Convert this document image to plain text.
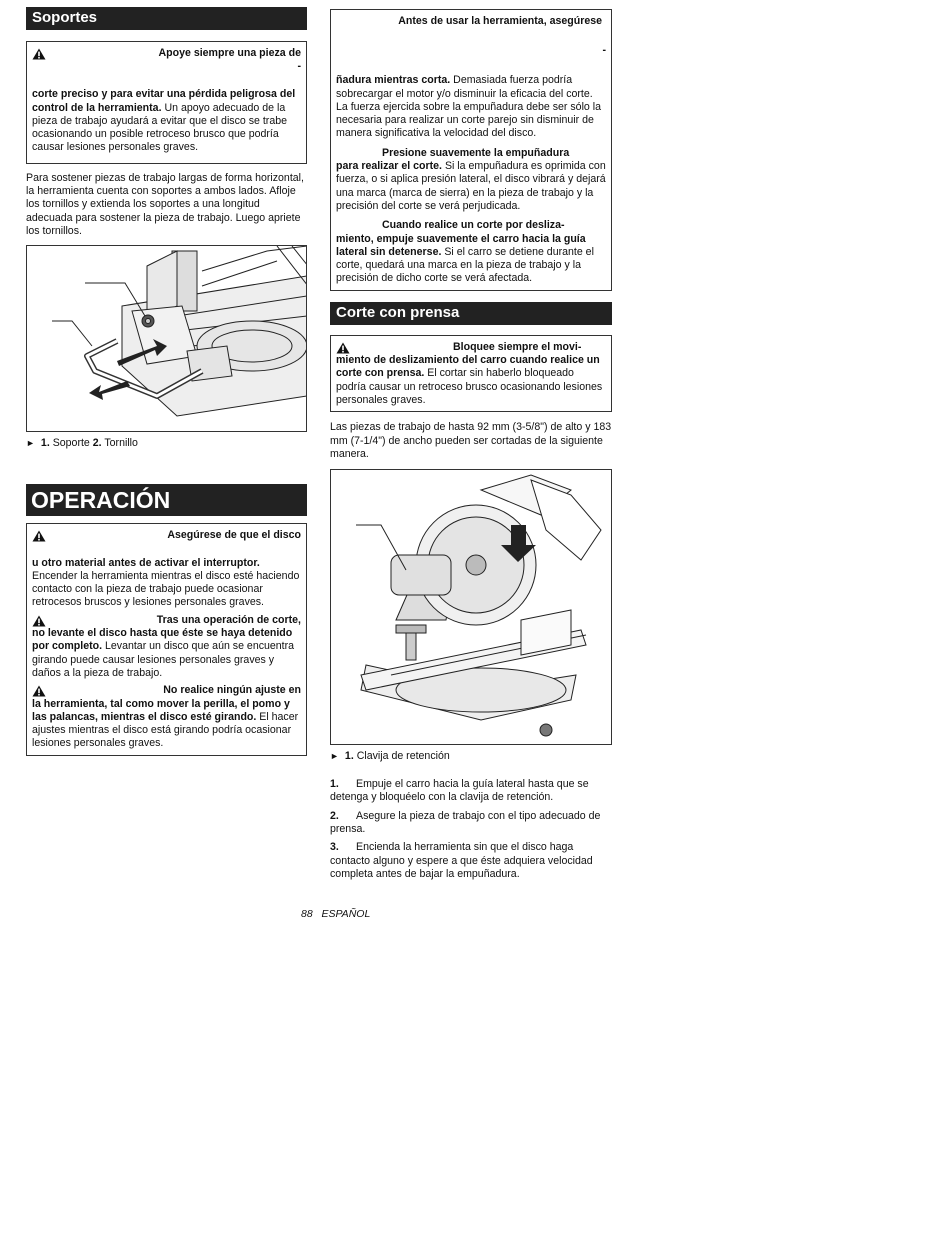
Soportes
Apoye siempre una pieza de
-

corte preciso y para evitar una pérdida peligrosa del control de la herramienta. Un apoyo adecuado de la pieza de trabajo ayudará a evitar que el disco se trabe ocasionando un posible retroceso brusco que podría causar lesiones personales graves.

Para sostener piezas de trabajo largas de forma horizontal, la herramienta cuenta con soportes a ambos lados. Afloje los tornillos y extienda los soportes a una longitud adecuada para sostener la pieza de trabajo. Luego apriete los tornillos.

► 1. Soporte 2. Tornillo

OPERACIÓN
Asegúrese de que el disco

u otro material antes de activar el interruptor. Encender la herramienta mientras el disco esté haciendo contacto con la pieza de trabajo puede ocasionar retrocesos bruscos y lesiones personales graves.

Tras una operación de corte,

no levante el disco hasta que éste se haya detenido por completo. Levantar un disco que aún se encuentra girando puede causar lesiones personales graves y daños a la pieza de trabajo.

No realice ningún ajuste en

la herramienta, tal como mover la perilla, el pomo y las palancas, mientras el disco esté girando. El hacer ajustes mientras el disco está girando podría ocasionar lesiones personales graves.

Antes de usar la herramienta, asegúrese
-

ñadura mientras corta. Demasiada fuerza podría sobrecargar el motor y/o disminuir la eficacia del corte. La fuerza ejercida sobre la empuñadura debe ser sólo la necesaria para realizar un corte parejo sin disminuir de manera significativa la velocidad del disco.

Presione suavemente la empuñadura

para realizar el corte. Si la empuñadura es oprimida con fuerza, o si aplica presión lateral, el disco vibrará y dejará una marca (marca de sierra) en la pieza de trabajo y la precisión del corte se verá perjudicada.

Cuando realice un corte por desliza-

miento, empuje suavemente el carro hacia la guía lateral sin detenerse. Si el carro se detiene durante el corte, quedará una marca en la pieza de trabajo y la precisión de dicho corte se verá afectada.

Corte con prensa
Bloquee siempre el movi-

miento de deslizamiento del carro cuando realice un corte con prensa. El cortar sin haberlo bloqueado podría causar un retroceso brusco ocasionando lesiones personales graves.

Las piezas de trabajo de hasta 92 mm (3-5/8") de alto y 183 mm (7-1/4") de ancho pueden ser cortadas de la siguiente manera.

► 1. Clavija de retención

1. Empuje el carro hacia la guía lateral hasta que se detenga y bloquéelo con la clavija de retención.

2. Asegure la pieza de trabajo con el tipo adecuado de prensa.

3. Encienda la herramienta sin que el disco haga contacto alguno y espere a que éste adquiera velocidad completa antes de bajar la empuñadura.

88 ESPAÑOL
